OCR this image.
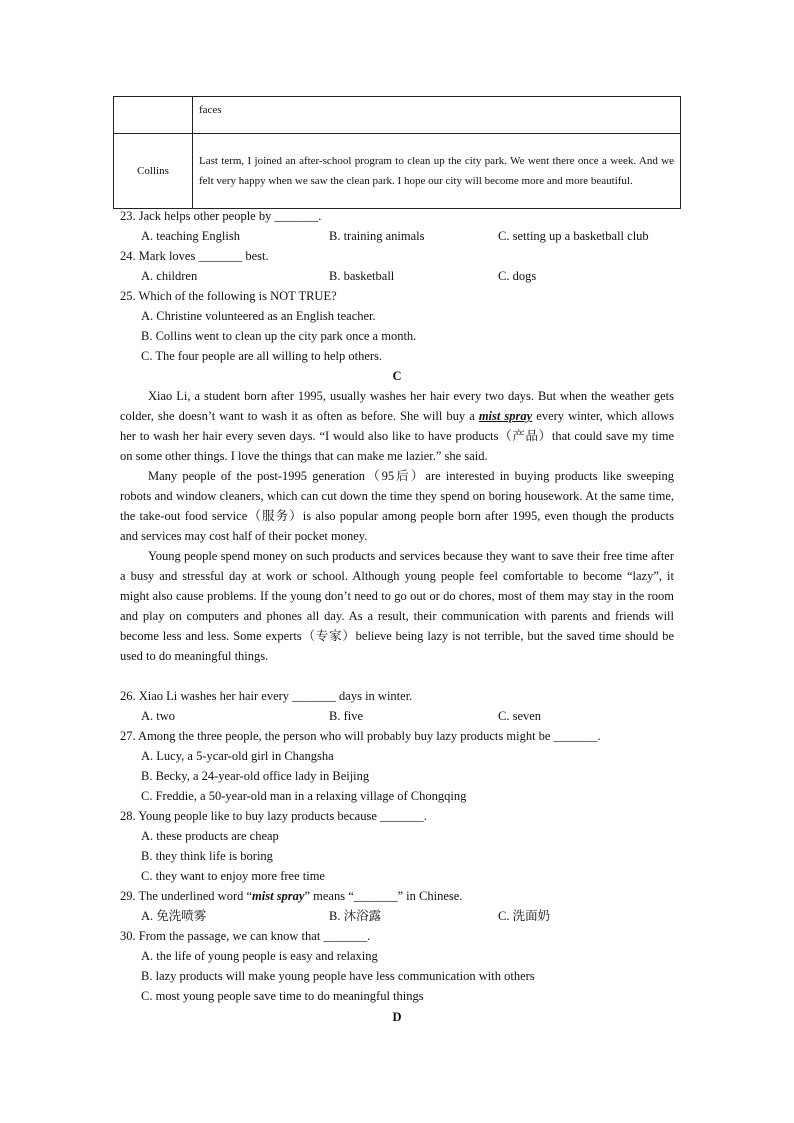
	faces
Collins	Last term, I joined an after-school program to clean up the city park. We went there once a week. And we felt very happy when we saw the clean park. I hope our city will become more and more beautiful.
23. Jack helps other people by _______.
A. teaching English	B. training animals	C. setting up a basketball club
24. Mark loves _______ best.
A. children	B. basketball	C. dogs
25. Which of the following is NOT TRUE?
A. Christine volunteered as an English teacher.
B. Collins went to clean up the city park once a month.
C. The four people are all willing to help others.
C

Xiao Li, a student born after 1995, usually washes her hair every two days. But when the weather gets colder, she doesn’t want to wash it as often as before. She will buy a mist spray every winter, which allows her to wash her hair every seven days. “I would also like to have products（产品）that could save my time on some other things. I love the things that can make me lazier.” she said.

Many people of the post-1995 generation（95后）are interested in buying products like sweeping robots and window cleaners, which can cut down the time they spend on boring housework. At the same time, the take-out food service（服务）is also popular among people born after 1995, even though the products and services may cost half of their pocket money.

Young people spend money on such products and services because they want to save their free time after a busy and stressful day at work or school. Although young people feel comfortable to become “lazy”, it might also cause problems. If the young don’t need to go out or do chores, most of them may stay in the room and play on computers and phones all day. As a result, their communication with parents and friends will become less and less. Some experts（专家）believe being lazy is not terrible, but the saved time should be used to do meaningful things.

26. Xiao Li washes her hair every _______ days in winter.
A. two	B. five	C. seven
27. Among the three people, the person who will probably buy lazy products might be _______.
A. Lucy, a 5-ycar-old girl in Changsha
B. Becky, a 24-year-old office lady in Beijing
C. Freddie, a 50-year-old man in a relaxing village of Chongqing
28. Young people like to buy lazy products because _______.
A. these products are cheap
B. they think life is boring
C. they want to enjoy more free time
29. The underlined word “mist spray” means “_______” in Chinese.
A. 免洗喷雾	B. 沐浴露	C. 洗面奶
30. From the passage, we can know that _______.
A. the life of young people is easy and relaxing
B. lazy products will make young people have less communication with others
C. most young people save time to do meaningful things
D
